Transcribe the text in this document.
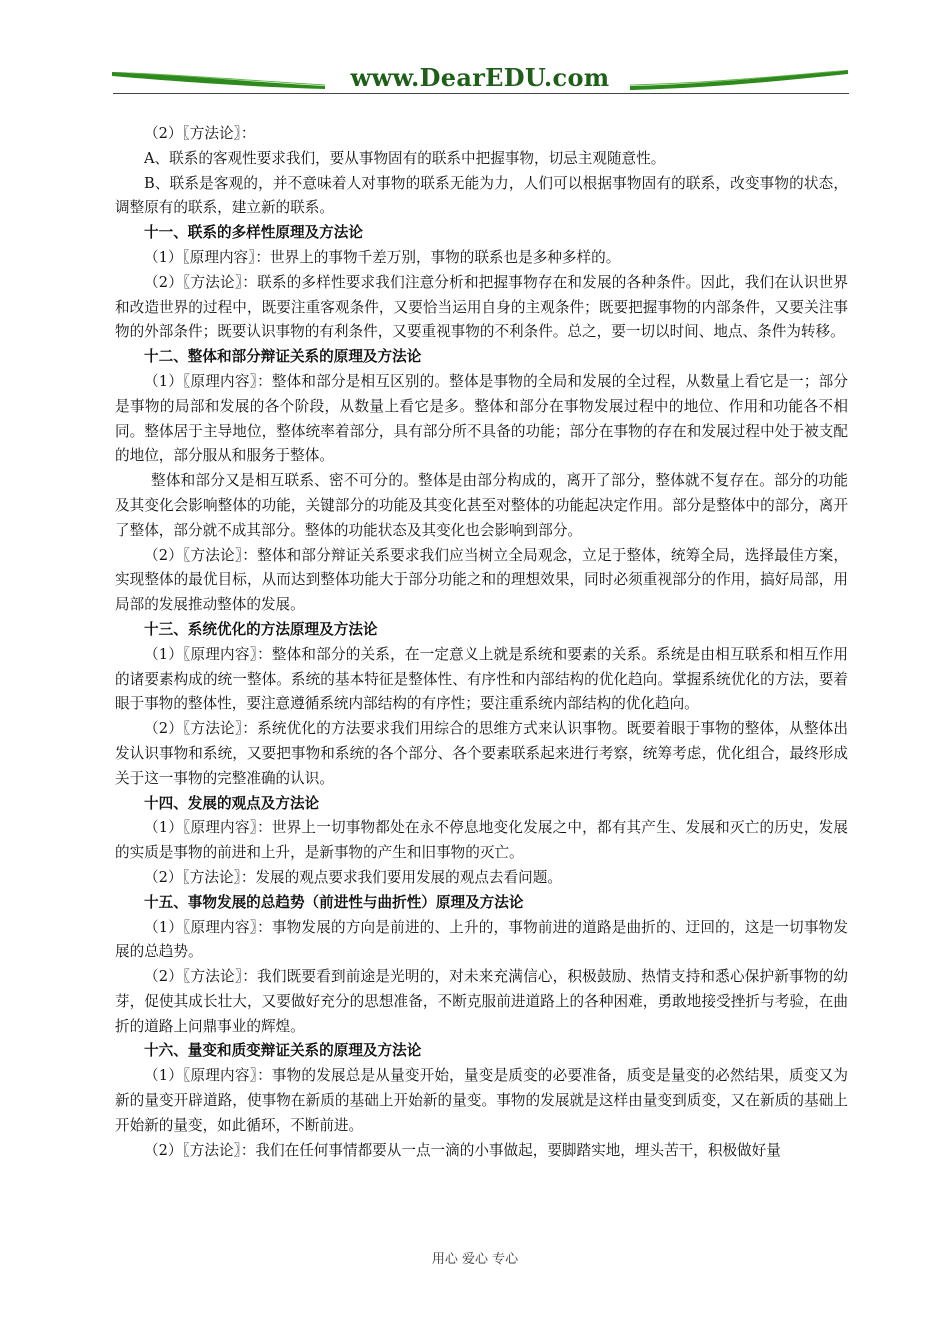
www.DearEDU.com

（2）〖方法论〗：

A、联系的客观性要求我们，要从事物固有的联系中把握事物，切忌主观随意性。

B、联系是客观的，并不意味着人对事物的联系无能为力，人们可以根据事物固有的联系，改变事物的状态，调整原有的联系，建立新的联系。

十一、联系的多样性原理及方法论

（1）〖原理内容〗：世界上的事物千差万别，事物的联系也是多种多样的。

（2）〖方法论〗：联系的多样性要求我们注意分析和把握事物存在和发展的各种条件。因此，我们在认识世界和改造世界的过程中，既要注重客观条件，又要恰当运用自身的主观条件；既要把握事物的内部条件，又要关注事物的外部条件；既要认识事物的有利条件，又要重视事物的不利条件。总之，要一切以时间、地点、条件为转移。

十二、整体和部分辩证关系的原理及方法论

（1）〖原理内容〗：整体和部分是相互区别的。整体是事物的全局和发展的全过程，从数量上看它是一；部分是事物的局部和发展的各个阶段，从数量上看它是多。整体和部分在事物发展过程中的地位、作用和功能各不相同。整体居于主导地位，整体统率着部分，具有部分所不具备的功能；部分在事物的存在和发展过程中处于被支配的地位，部分服从和服务于整体。

整体和部分又是相互联系、密不可分的。整体是由部分构成的，离开了部分，整体就不复存在。部分的功能及其变化会影响整体的功能，关键部分的功能及其变化甚至对整体的功能起决定作用。部分是整体中的部分，离开了整体，部分就不成其部分。整体的功能状态及其变化也会影响到部分。

（2）〖方法论〗：整体和部分辩证关系要求我们应当树立全局观念，立足于整体，统筹全局，选择最佳方案，实现整体的最优目标，从而达到整体功能大于部分功能之和的理想效果，同时必须重视部分的作用，搞好局部，用局部的发展推动整体的发展。

十三、系统优化的方法原理及方法论

（1）〖原理内容〗：整体和部分的关系，在一定意义上就是系统和要素的关系。系统是由相互联系和相互作用的诸要素构成的统一整体。系统的基本特征是整体性、有序性和内部结构的优化趋向。掌握系统优化的方法，要着眼于事物的整体性，要注意遵循系统内部结构的有序性；要注重系统内部结构的优化趋向。

（2）〖方法论〗：系统优化的方法要求我们用综合的思维方式来认识事物。既要着眼于事物的整体，从整体出发认识事物和系统，又要把事物和系统的各个部分、各个要素联系起来进行考察，统筹考虑，优化组合，最终形成关于这一事物的完整准确的认识。

十四、发展的观点及方法论

（1）〖原理内容〗：世界上一切事物都处在永不停息地变化发展之中，都有其产生、发展和灭亡的历史，发展的实质是事物的前进和上升，是新事物的产生和旧事物的灭亡。

（2）〖方法论〗：发展的观点要求我们要用发展的观点去看问题。

十五、事物发展的总趋势（前进性与曲折性）原理及方法论

（1）〖原理内容〗：事物发展的方向是前进的、上升的，事物前进的道路是曲折的、迂回的，这是一切事物发展的总趋势。

（2）〖方法论〗：我们既要看到前途是光明的，对未来充满信心，积极鼓励、热情支持和悉心保护新事物的幼芽，促使其成长壮大，又要做好充分的思想准备，不断克服前进道路上的各种困难，勇敢地接受挫折与考验，在曲折的道路上问鼎事业的辉煌。

十六、量变和质变辩证关系的原理及方法论

（1）〖原理内容〗：事物的发展总是从量变开始，量变是质变的必要准备，质变是量变的必然结果，质变又为新的量变开辟道路，使事物在新质的基础上开始新的量变。事物的发展就是这样由量变到质变，又在新质的基础上开始新的量变，如此循环，不断前进。

（2）〖方法论〗：我们在任何事情都要从一点一滴的小事做起，要脚踏实地，埋头苦干，积极做好量

用心 爱心 专心
